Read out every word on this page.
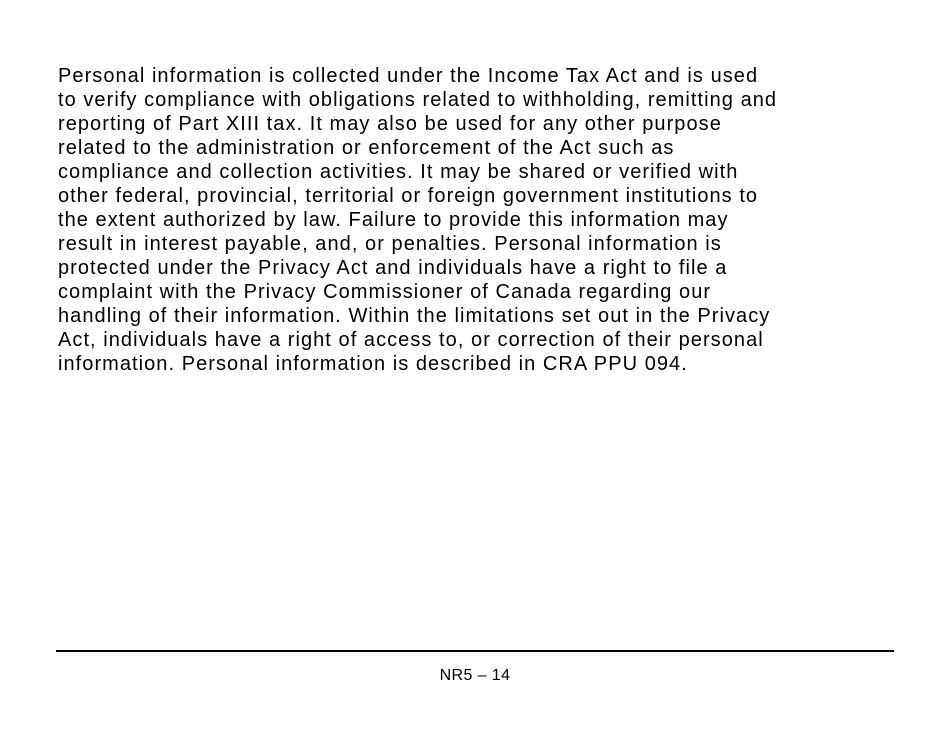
Personal information is collected under the Income Tax Act and is used
to verify compliance with obligations related to withholding, remitting and
reporting of Part XIII tax. It may also be used for any other purpose
related to the administration or enforcement of the Act such as
compliance and collection activities. It may be shared or verified with
other federal, provincial, territorial or foreign government institutions to
the extent authorized by law. Failure to provide this information may
result in interest payable, and, or penalties. Personal information is
protected under the Privacy Act and individuals have a right to file a
complaint with the Privacy Commissioner of Canada regarding our
handling of their information. Within the limitations set out in the Privacy
Act, individuals have a right of access to, or correction of their personal
information. Personal information is described in CRA PPU 094.

NR5 – 14
